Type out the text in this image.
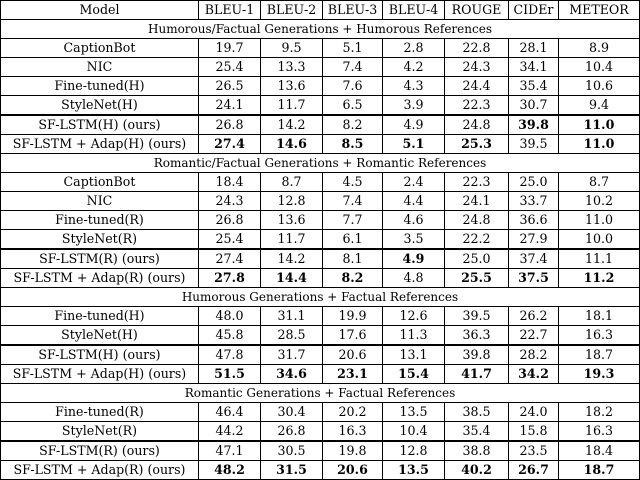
Model	BLEU-1	BLEU-2	BLEU-3	BLEU-4	ROUGE	CIDEr	METEOR
Humorous/Factual Generations + Humorous References							
CaptionBot	19.7	9.5	5.1	2.8	22.8	28.1	8.9
NIC	25.4	13.3	7.4	4.2	24.3	34.1	10.4
Fine-tuned(H)	26.5	13.6	7.6	4.3	24.4	35.4	10.6
StyleNet(H)	24.1	11.7	6.5	3.9	22.3	30.7	9.4
SF-LSTM(H) (ours)	26.8	14.2	8.2	4.9	24.8	39.8	11.0
SF-LSTM + Adap(H) (ours)	27.4	14.6	8.5	5.1	25.3	39.5	11.0
Romantic/Factual Generations + Romantic References							
CaptionBot	18.4	8.7	4.5	2.4	22.3	25.0	8.7
NIC	24.3	12.8	7.4	4.4	24.1	33.7	10.2
Fine-tuned(R)	26.8	13.6	7.7	4.6	24.8	36.6	11.0
StyleNet(R)	25.4	11.7	6.1	3.5	22.2	27.9	10.0
SF-LSTM(R) (ours)	27.4	14.2	8.1	4.9	25.0	37.4	11.1
SF-LSTM + Adap(R) (ours)	27.8	14.4	8.2	4.8	25.5	37.5	11.2
Humorous Generations + Factual References							
Fine-tuned(H)	48.0	31.1	19.9	12.6	39.5	26.2	18.1
StyleNet(H)	45.8	28.5	17.6	11.3	36.3	22.7	16.3
SF-LSTM(H) (ours)	47.8	31.7	20.6	13.1	39.8	28.2	18.7
SF-LSTM + Adap(H) (ours)	51.5	34.6	23.1	15.4	41.7	34.2	19.3
Romantic Generations + Factual References							
Fine-tuned(R)	46.4	30.4	20.2	13.5	38.5	24.0	18.2
StyleNet(R)	44.2	26.8	16.3	10.4	35.4	15.8	16.3
SF-LSTM(R) (ours)	47.1	30.5	19.8	12.8	38.8	23.5	18.4
SF-LSTM + Adap(R) (ours)	48.2	31.5	20.6	13.5	40.2	26.7	18.7
